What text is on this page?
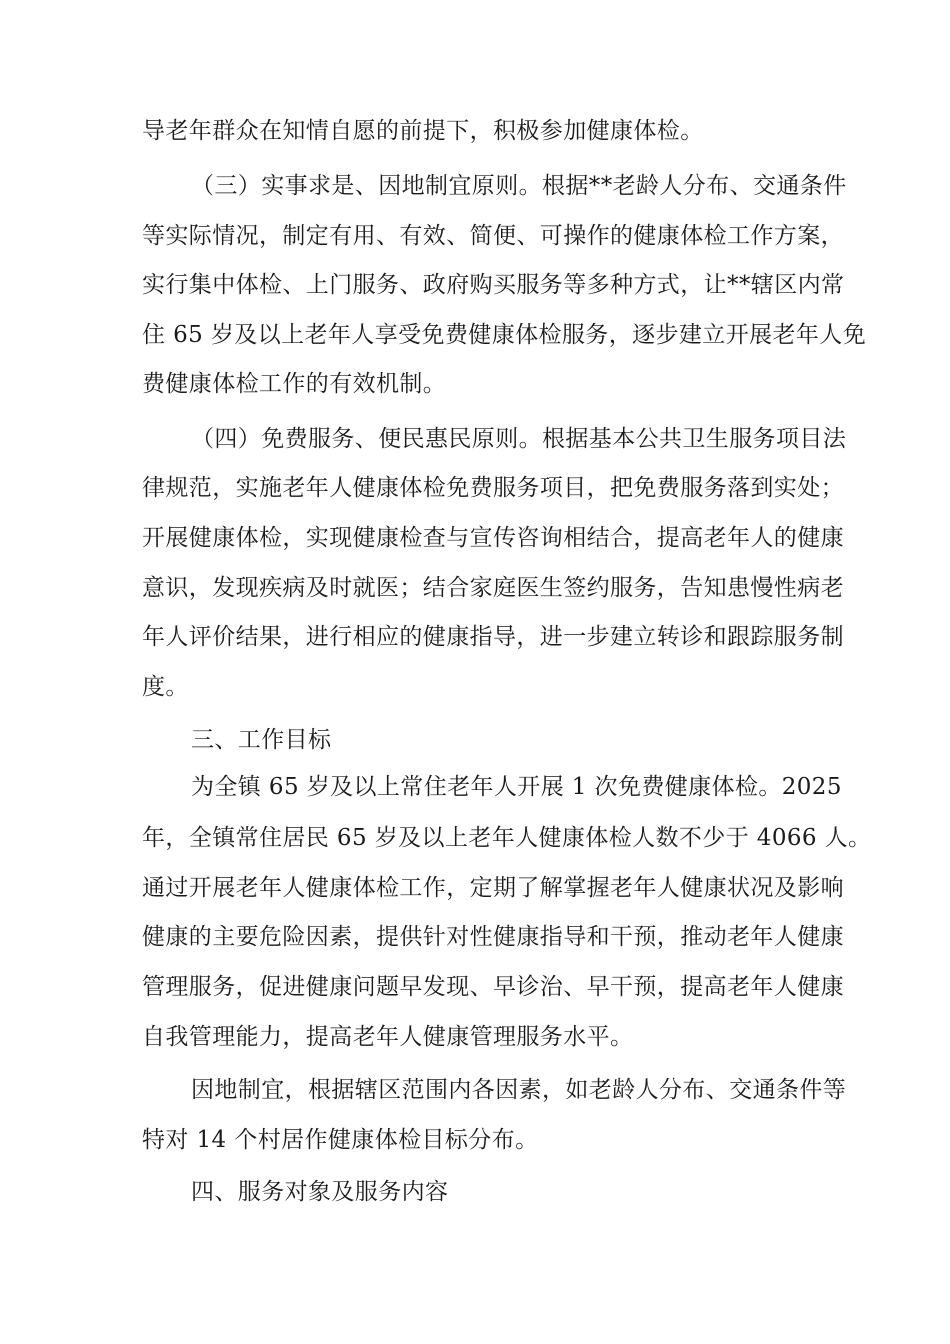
导老年群众在知情自愿的前提下，积极参加健康体检。
（三）实事求是、因地制宜原则。根据**老龄人分布、交通条件
等实际情况，制定有用、有效、简便、可操作的健康体检工作方案，
实行集中体检、上门服务、政府购买服务等多种方式，让**辖区内常
住 65 岁及以上老年人享受免费健康体检服务，逐步建立开展老年人免
费健康体检工作的有效机制。
（四）免费服务、便民惠民原则。根据基本公共卫生服务项目法
律规范，实施老年人健康体检免费服务项目，把免费服务落到实处；
开展健康体检，实现健康检查与宣传咨询相结合，提高老年人的健康
意识，发现疾病及时就医；结合家庭医生签约服务，告知患慢性病老
年人评价结果，进行相应的健康指导，进一步建立转诊和跟踪服务制
度。
三、工作目标
为全镇 65 岁及以上常住老年人开展 1 次免费健康体检。2025
年，全镇常住居民 65 岁及以上老年人健康体检人数不少于 4066 人。
通过开展老年人健康体检工作，定期了解掌握老年人健康状况及影响
健康的主要危险因素，提供针对性健康指导和干预，推动老年人健康
管理服务，促进健康问题早发现、早诊治、早干预，提高老年人健康
自我管理能力，提高老年人健康管理服务水平。
因地制宜，根据辖区范围内各因素，如老龄人分布、交通条件等
特对 14 个村居作健康体检目标分布。
四、服务对象及服务内容
